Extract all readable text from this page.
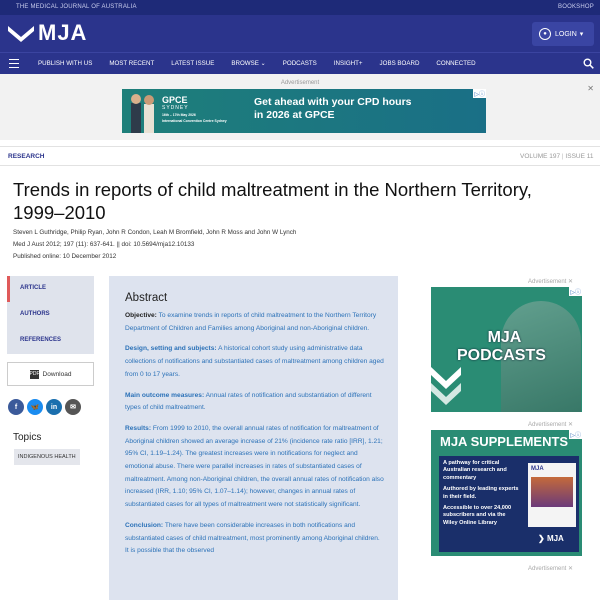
THE MEDICAL JOURNAL OF AUSTRALIA	BOOKSHOP
MJA	●	LOGIN ▾
PUBLISH WITH US	MOST RECENT	LATEST ISSUE	BROWSE ⌄	PODCASTS	INSIGHT+	JOBS BOARD	CONNECTED
Advertisement
✕
GPCE
SYDNEY
16th – 17th May 2026
International Convention Centre Sydney
Get ahead with your CPD hours
in 2026 at GPCE
▷ⓘ
RESEARCH	VOLUME 197 | ISSUE 11
Trends in reports of child maltreatment in the Northern Territory, 1999–2010
Steven L Guthridge, Philip Ryan, John R Condon, Leah M Bromfield, John R Moss and John W Lynch
Med J Aust 2012; 197 (11): 637-641. || doi: 10.5694/mja12.10133
Published online: 10 December 2012
ARTICLE
AUTHORS
REFERENCES
PDF Download
f	🦋	in	✉
Topics
INDIGENOUS HEALTH
Abstract

Objective: To examine trends in reports of child maltreatment to the Northern Territory Department of Children and Families among Aboriginal and non-Aboriginal children.

Design, setting and subjects: A historical cohort study using administrative data collections of notifications and substantiated cases of maltreatment among children aged from 0 to 17 years.

Main outcome measures: Annual rates of notification and substantiation of different types of child maltreatment.

Results: From 1999 to 2010, the overall annual rates of notification for maltreatment of Aboriginal children showed an average increase of 21% (incidence rate ratio [IRR], 1.21; 95% CI, 1.19–1.24). The greatest increases were in notifications for neglect and emotional abuse. There were parallel increases in rates of substantiated cases of maltreatment. Among non-Aboriginal children, the overall annual rates of notification also increased (IRR, 1.10; 95% CI, 1.07–1.14); however, changes in annual rates of substantiated cases for all types of maltreatment were not statistically significant.

Conclusion: There have been considerable increases in both notifications and substantiated cases of child maltreatment, most prominently among Aboriginal children. It is possible that the observed

Advertisement ✕
MJA
PODCASTS
▷ⓘ
Advertisement ✕
MJA SUPPLEMENTS
A pathway for critical Australian research and commentary
Authored by leading experts in their field.
Accessible to over 24,000 subscribers and via the Wiley Online Library
MJA
❯ MJA
▷ⓘ
Advertisement ✕
